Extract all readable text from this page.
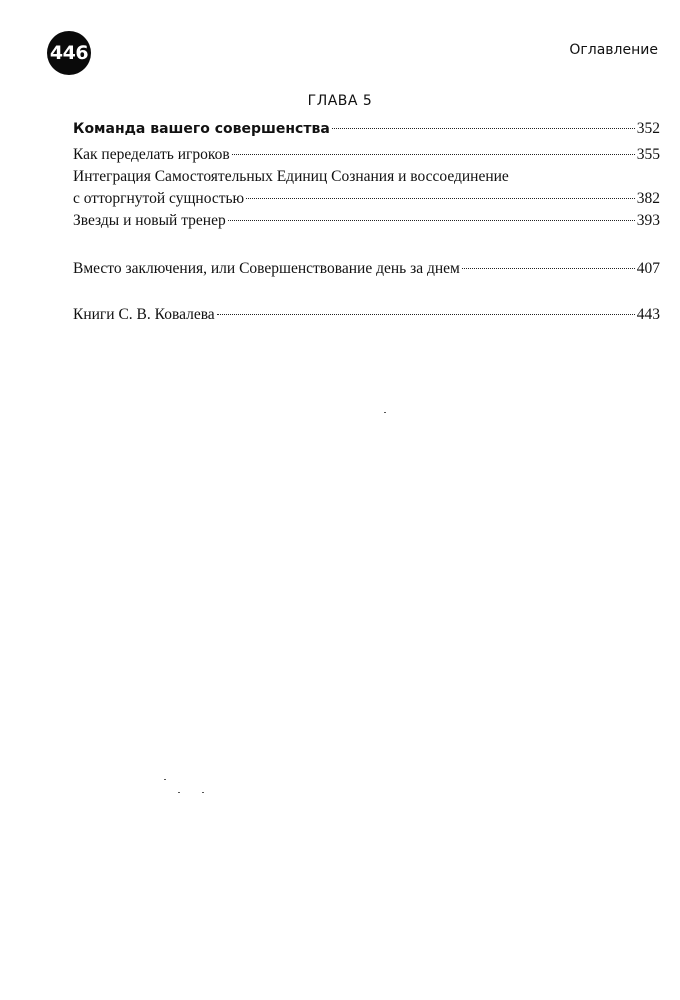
446	Оглавление
ГЛАВА 5
Команда вашего совершенства	352
Как переделать игроков	355
Интеграция Самостоятельных Единиц Сознания и воссоединение
с отторгнутой сущностью	382
Звезды и новый тренер	393
Вместо заключения, или Совершенствование день за днем	407
Книги С. В. Ковалева	443
